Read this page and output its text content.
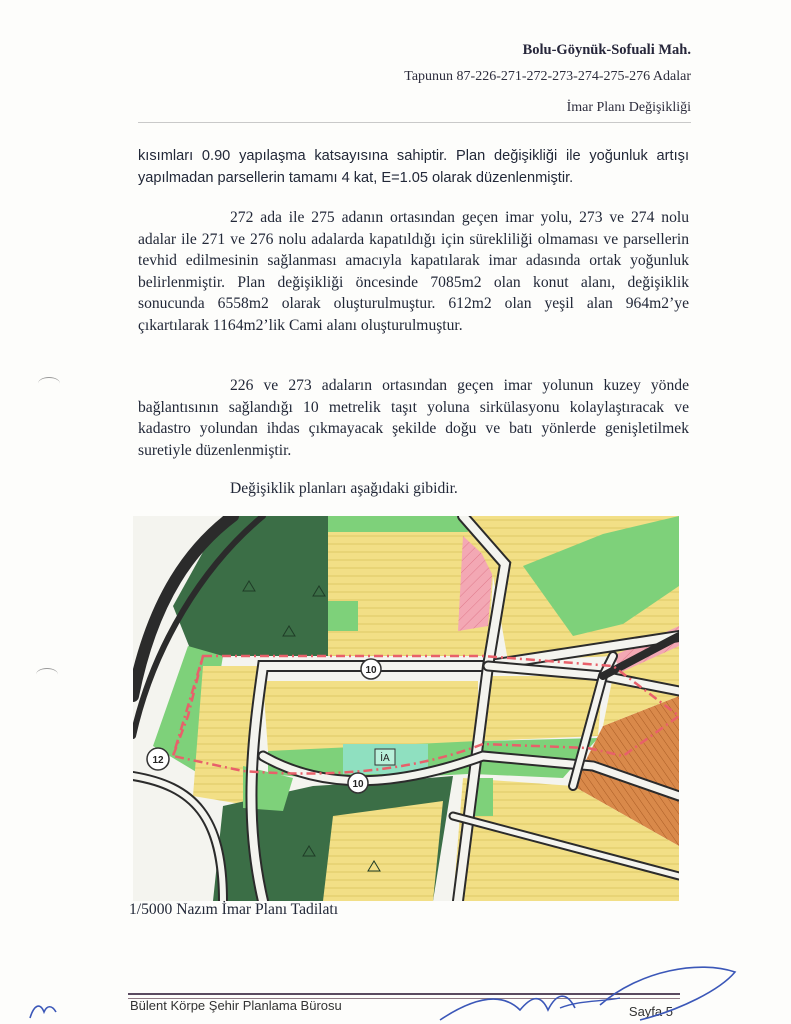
Bolu-Göynük-Sofuali Mah.
Tapunun 87-226-271-272-273-274-275-276 Adalar
İmar Planı Değişikliği
kısımları 0.90 yapılaşma katsayısına sahiptir. Plan değişikliği ile yoğunluk artışı yapılmadan parsellerin tamamı 4 kat, E=1.05 olarak düzenlenmiştir.
272 ada ile 275 adanın ortasından geçen imar yolu, 273 ve 274 nolu adalar ile 271 ve 276 nolu adalarda kapatıldığı için sürekliliği olmaması ve parsellerin tevhid edilmesinin sağlanması amacıyla kapatılarak imar adasında ortak yoğunluk belirlenmiştir. Plan değişikliği öncesinde 7085m2 olan konut alanı, değişiklik sonucunda 6558m2 olarak oluşturulmuştur. 612m2 olan yeşil alan 964m2’ye çıkartılarak 1164m2’lik Cami alanı oluşturulmuştur.
226 ve 273 adaların ortasından geçen imar yolunun kuzey yönde bağlantısının sağlandığı 10 metrelik taşıt yoluna sirkülasyonu kolaylaştıracak ve kadastro yolundan ihdas çıkmayacak şekilde doğu ve batı yönlerde genişletilmek suretiyle düzenlenmiştir.
Değişiklik planları aşağıdaki gibidir.
10
10
12	İA
1/5000 Nazım İmar Planı Tadilatı
Bülent Körpe Şehir Planlama Bürosu	Sayfa 5
